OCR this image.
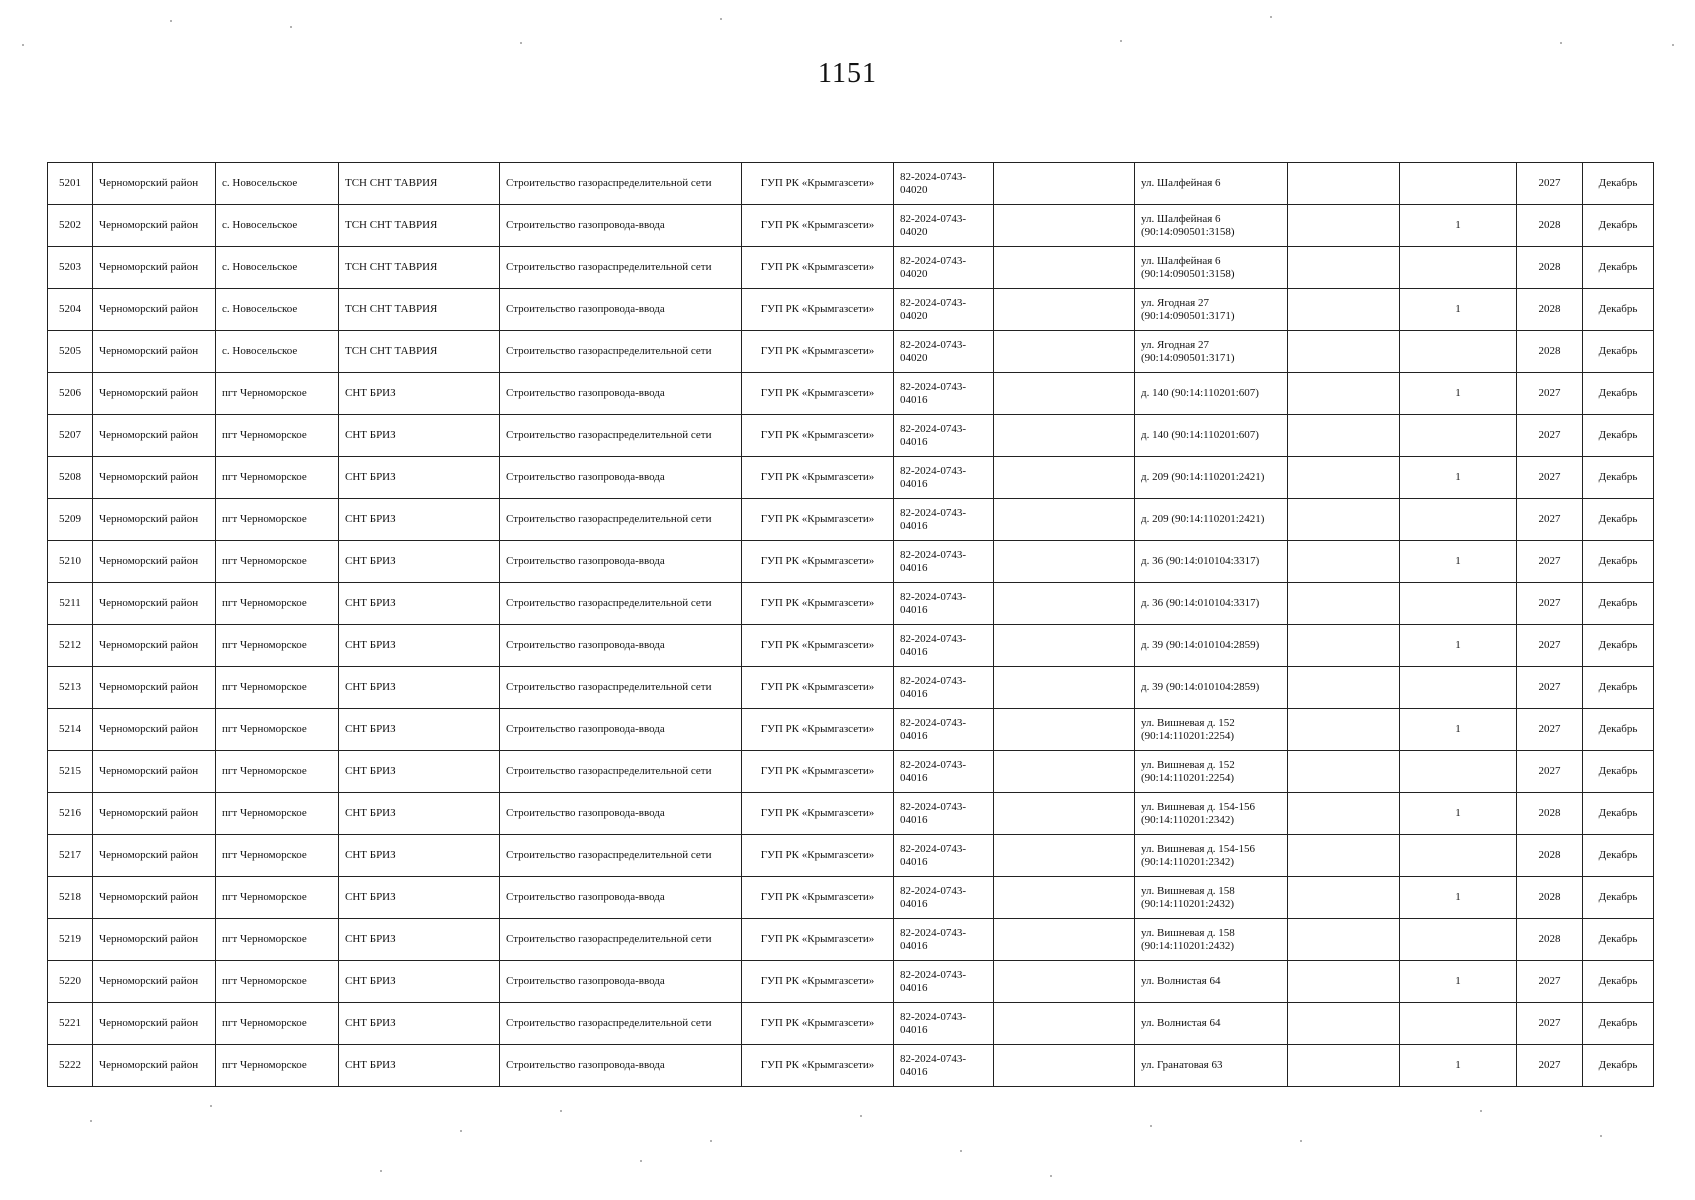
1151
5201	Черноморский район	с. Новосельское	ТСН СНТ ТАВРИЯ	Строительство газораспределительной сети	ГУП РК «Крымгазсети»	82-2024-0743-04020		ул. Шалфейная 6			2027	Декабрь
5202	Черноморский район	с. Новосельское	ТСН СНТ ТАВРИЯ	Строительство газопровода-ввода	ГУП РК «Крымгазсети»	82-2024-0743-04020		ул. Шалфейная 6 (90:14:090501:3158)		1	2028	Декабрь
5203	Черноморский район	с. Новосельское	ТСН СНТ ТАВРИЯ	Строительство газораспределительной сети	ГУП РК «Крымгазсети»	82-2024-0743-04020		ул. Шалфейная 6 (90:14:090501:3158)			2028	Декабрь
5204	Черноморский район	с. Новосельское	ТСН СНТ ТАВРИЯ	Строительство газопровода-ввода	ГУП РК «Крымгазсети»	82-2024-0743-04020		ул. Ягодная 27 (90:14:090501:3171)		1	2028	Декабрь
5205	Черноморский район	с. Новосельское	ТСН СНТ ТАВРИЯ	Строительство газораспределительной сети	ГУП РК «Крымгазсети»	82-2024-0743-04020		ул. Ягодная 27 (90:14:090501:3171)			2028	Декабрь
5206	Черноморский район	пгт Черноморское	СНТ БРИЗ	Строительство газопровода-ввода	ГУП РК «Крымгазсети»	82-2024-0743-04016		д. 140 (90:14:110201:607)		1	2027	Декабрь
5207	Черноморский район	пгт Черноморское	СНТ БРИЗ	Строительство газораспределительной сети	ГУП РК «Крымгазсети»	82-2024-0743-04016		д. 140 (90:14:110201:607)			2027	Декабрь
5208	Черноморский район	пгт Черноморское	СНТ БРИЗ	Строительство газопровода-ввода	ГУП РК «Крымгазсети»	82-2024-0743-04016		д. 209 (90:14:110201:2421)		1	2027	Декабрь
5209	Черноморский район	пгт Черноморское	СНТ БРИЗ	Строительство газораспределительной сети	ГУП РК «Крымгазсети»	82-2024-0743-04016		д. 209 (90:14:110201:2421)			2027	Декабрь
5210	Черноморский район	пгт Черноморское	СНТ БРИЗ	Строительство газопровода-ввода	ГУП РК «Крымгазсети»	82-2024-0743-04016		д. 36 (90:14:010104:3317)		1	2027	Декабрь
5211	Черноморский район	пгт Черноморское	СНТ БРИЗ	Строительство газораспределительной сети	ГУП РК «Крымгазсети»	82-2024-0743-04016		д. 36 (90:14:010104:3317)			2027	Декабрь
5212	Черноморский район	пгт Черноморское	СНТ БРИЗ	Строительство газопровода-ввода	ГУП РК «Крымгазсети»	82-2024-0743-04016		д. 39 (90:14:010104:2859)		1	2027	Декабрь
5213	Черноморский район	пгт Черноморское	СНТ БРИЗ	Строительство газораспределительной сети	ГУП РК «Крымгазсети»	82-2024-0743-04016		д. 39 (90:14:010104:2859)			2027	Декабрь
5214	Черноморский район	пгт Черноморское	СНТ БРИЗ	Строительство газопровода-ввода	ГУП РК «Крымгазсети»	82-2024-0743-04016		ул. Вишневая д. 152 (90:14:110201:2254)		1	2027	Декабрь
5215	Черноморский район	пгт Черноморское	СНТ БРИЗ	Строительство газораспределительной сети	ГУП РК «Крымгазсети»	82-2024-0743-04016		ул. Вишневая д. 152 (90:14:110201:2254)			2027	Декабрь
5216	Черноморский район	пгт Черноморское	СНТ БРИЗ	Строительство газопровода-ввода	ГУП РК «Крымгазсети»	82-2024-0743-04016		ул. Вишневая д. 154-156 (90:14:110201:2342)		1	2028	Декабрь
5217	Черноморский район	пгт Черноморское	СНТ БРИЗ	Строительство газораспределительной сети	ГУП РК «Крымгазсети»	82-2024-0743-04016		ул. Вишневая д. 154-156 (90:14:110201:2342)			2028	Декабрь
5218	Черноморский район	пгт Черноморское	СНТ БРИЗ	Строительство газопровода-ввода	ГУП РК «Крымгазсети»	82-2024-0743-04016		ул. Вишневая д. 158 (90:14:110201:2432)		1	2028	Декабрь
5219	Черноморский район	пгт Черноморское	СНТ БРИЗ	Строительство газораспределительной сети	ГУП РК «Крымгазсети»	82-2024-0743-04016		ул. Вишневая д. 158 (90:14:110201:2432)			2028	Декабрь
5220	Черноморский район	пгт Черноморское	СНТ БРИЗ	Строительство газопровода-ввода	ГУП РК «Крымгазсети»	82-2024-0743-04016		ул. Волнистая 64		1	2027	Декабрь
5221	Черноморский район	пгт Черноморское	СНТ БРИЗ	Строительство газораспределительной сети	ГУП РК «Крымгазсети»	82-2024-0743-04016		ул. Волнистая 64			2027	Декабрь
5222	Черноморский район	пгт Черноморское	СНТ БРИЗ	Строительство газопровода-ввода	ГУП РК «Крымгазсети»	82-2024-0743-04016		ул. Гранатовая 63		1	2027	Декабрь
